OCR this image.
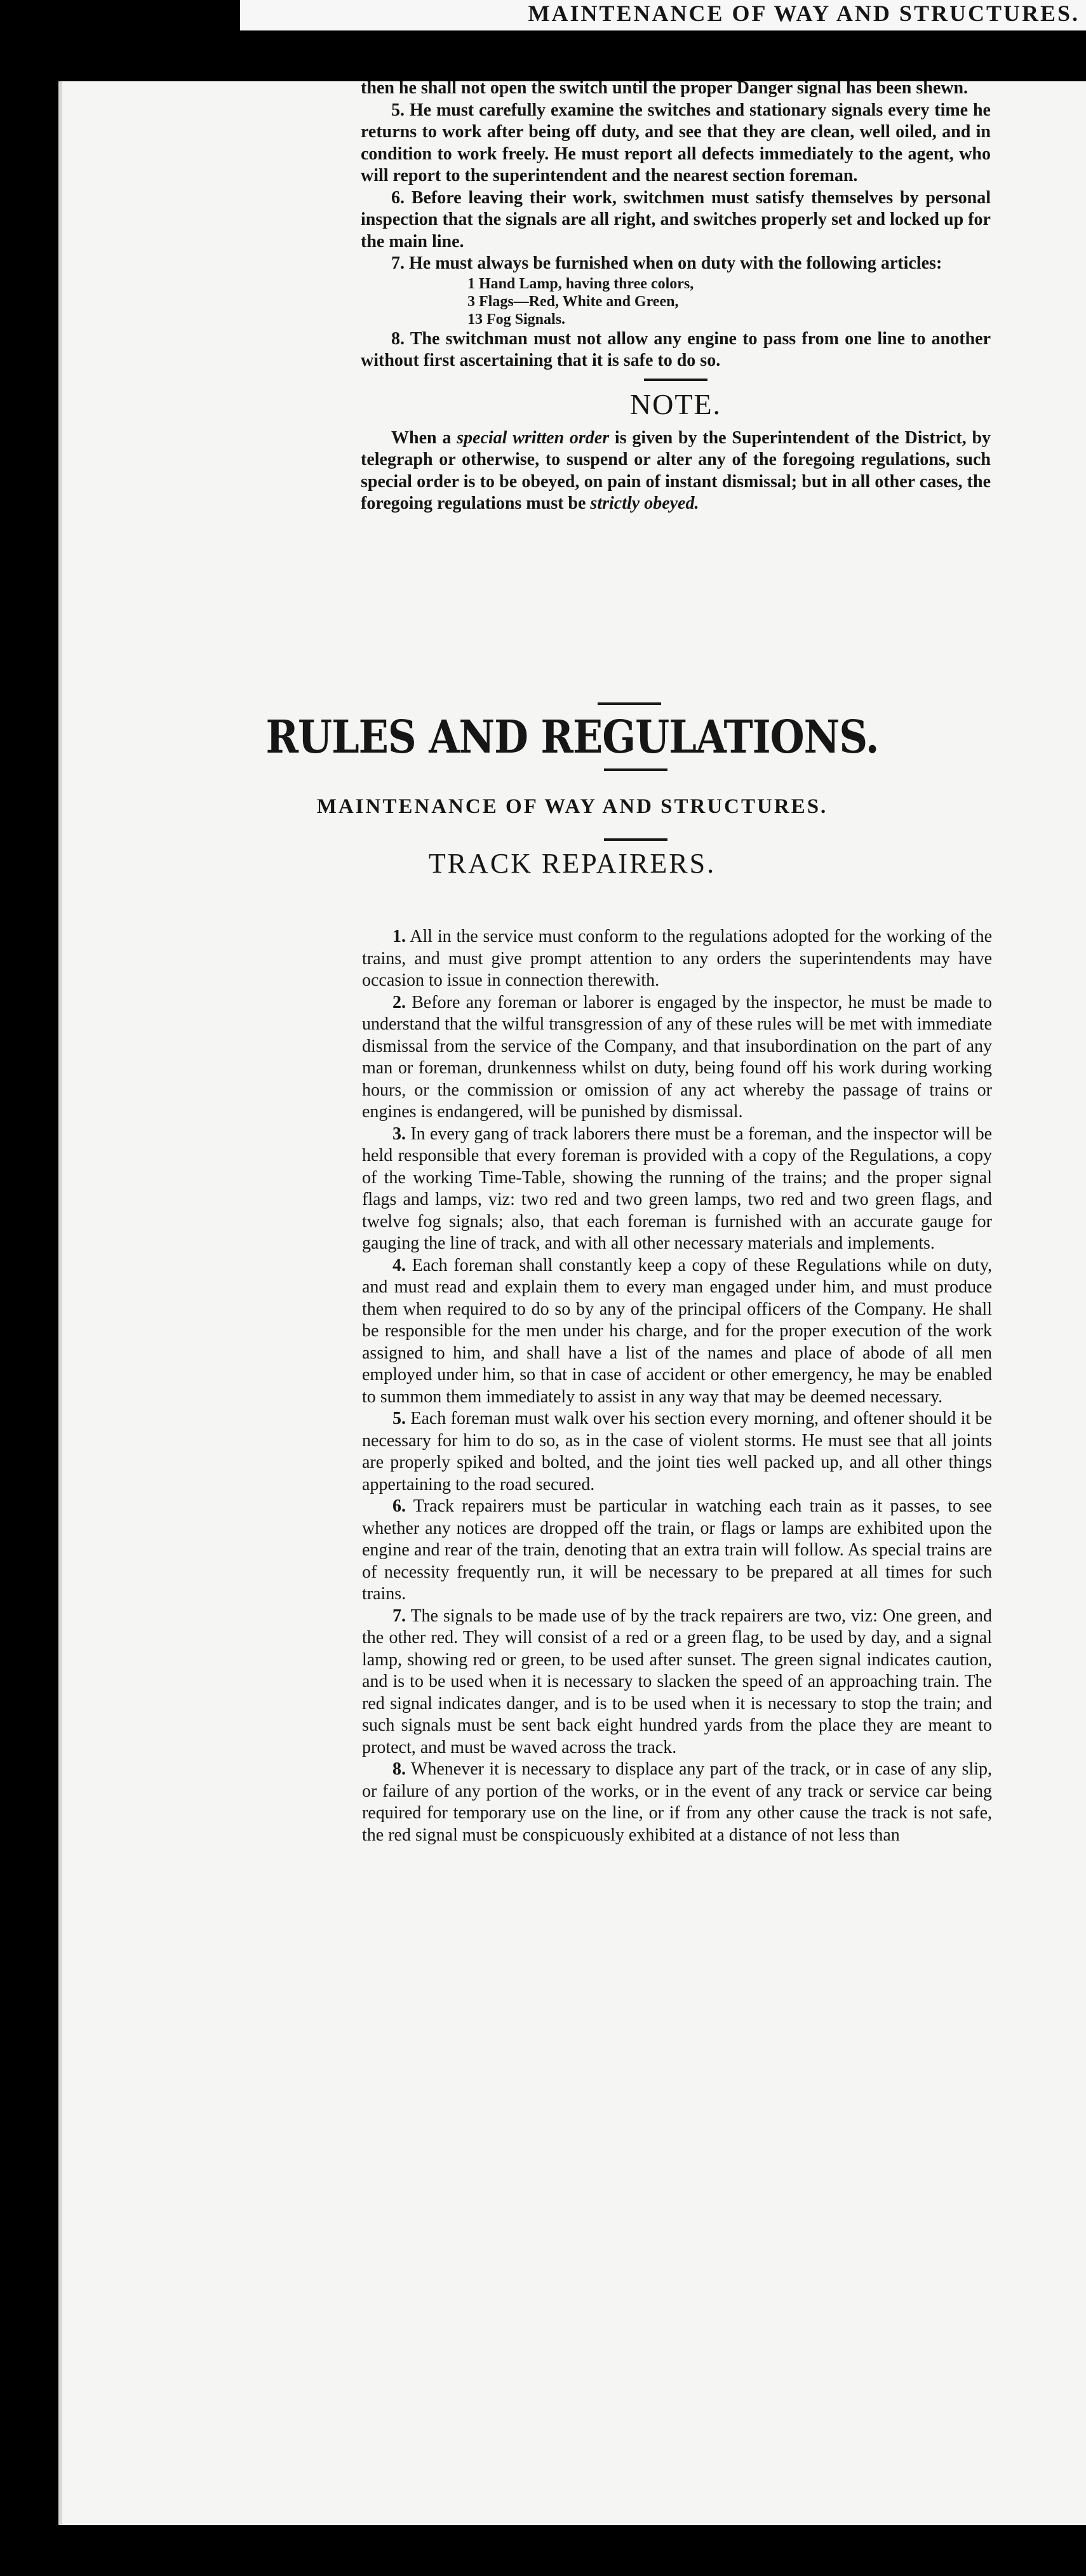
MAINTENANCE OF WAY AND STRUCTURES.

then he shall not open the switch until the proper Danger signal has been shewn.

5. He must carefully examine the switches and stationary signals every time he returns to work after being off duty, and see that they are clean, well oiled, and in condition to work freely. He must report all defects immediately to the agent, who will report to the superintendent and the nearest section foreman.

6. Before leaving their work, switchmen must satisfy themselves by personal inspection that the signals are all right, and switches properly set and locked up for the main line.

7. He must always be furnished when on duty with the following articles:

1 Hand Lamp, having three colors,
3 Flags—Red, White and Green,
13 Fog Signals.

8. The switchman must not allow any engine to pass from one line to another without first ascertaining that it is safe to do so.

NOTE.

When a special written order is given by the Superintendent of the District, by telegraph or otherwise, to suspend or alter any of the foregoing regulations, such special order is to be obeyed, on pain of instant dismissal; but in all other cases, the foregoing regulations must be strictly obeyed.

RULES AND REGULATIONS.
MAINTENANCE OF WAY AND STRUCTURES.
TRACK REPAIRERS.

1. All in the service must conform to the regulations adopted for the working of the trains, and must give prompt attention to any orders the superintendents may have occasion to issue in connection therewith.

2. Before any foreman or laborer is engaged by the inspector, he must be made to understand that the wilful transgression of any of these rules will be met with immediate dismissal from the service of the Company, and that insubordination on the part of any man or foreman, drunkenness whilst on duty, being found off his work during working hours, or the commission or omission of any act whereby the passage of trains or engines is endangered, will be punished by dismissal.

3. In every gang of track laborers there must be a foreman, and the inspector will be held responsible that every foreman is provided with a copy of the Regulations, a copy of the working Time-Table, showing the running of the trains; and the proper signal flags and lamps, viz: two red and two green lamps, two red and two green flags, and twelve fog signals; also, that each foreman is furnished with an accurate gauge for gauging the line of track, and with all other necessary materials and implements.

4. Each foreman shall constantly keep a copy of these Regulations while on duty, and must read and explain them to every man engaged under him, and must produce them when required to do so by any of the principal officers of the Company. He shall be responsible for the men under his charge, and for the proper execution of the work assigned to him, and shall have a list of the names and place of abode of all men employed under him, so that in case of accident or other emergency, he may be enabled to summon them immediately to assist in any way that may be deemed necessary.

5. Each foreman must walk over his section every morning, and oftener should it be necessary for him to do so, as in the case of violent storms. He must see that all joints are properly spiked and bolted, and the joint ties well packed up, and all other things appertaining to the road secured.

6. Track repairers must be particular in watching each train as it passes, to see whether any notices are dropped off the train, or flags or lamps are exhibited upon the engine and rear of the train, denoting that an extra train will follow. As special trains are of necessity frequently run, it will be necessary to be prepared at all times for such trains.

7. The signals to be made use of by the track repairers are two, viz: One green, and the other red. They will consist of a red or a green flag, to be used by day, and a signal lamp, showing red or green, to be used after sunset. The green signal indicates caution, and is to be used when it is necessary to slacken the speed of an approaching train. The red signal indicates danger, and is to be used when it is necessary to stop the train; and such signals must be sent back eight hundred yards from the place they are meant to protect, and must be waved across the track.

8. Whenever it is necessary to displace any part of the track, or in case of any slip, or failure of any portion of the works, or in the event of any track or service car being required for temporary use on the line, or if from any other cause the track is not safe, the red signal must be conspicuously exhibited at a distance of not less than
